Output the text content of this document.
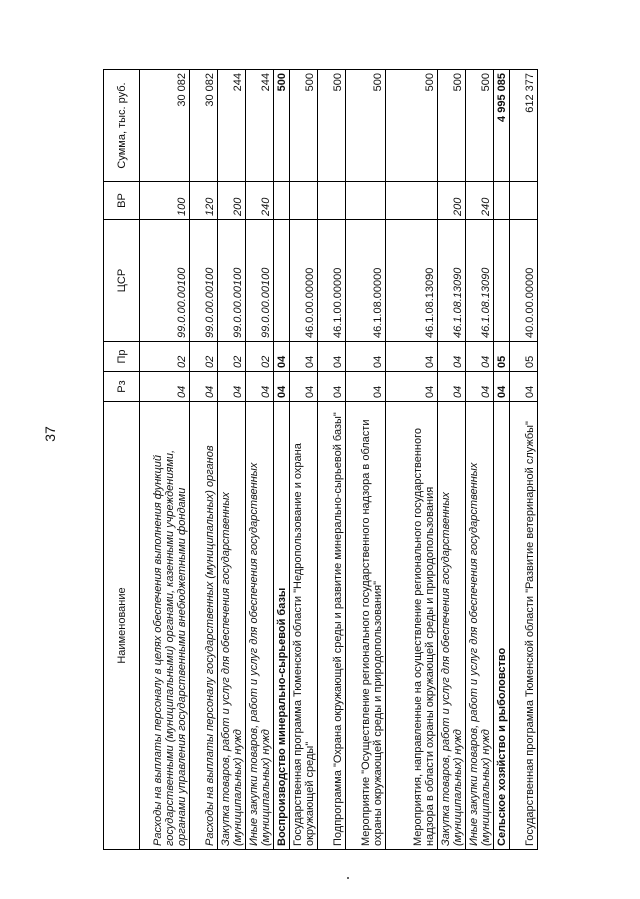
37
Наименование	Рз	Пр	ЦСР	ВР	Сумма, тыс. руб.
Расходы на выплаты персоналу в целях обеспечения выполнения функций государственными (муниципальными) органами, казенными учреждениями, органами управления государственными внебюджетными фондами	04	02	99.0.00.00100	100	30 082
Расходы на выплаты персоналу государственных (муниципальных) органов	04	02	99.0.00.00100	120	30 082
Закупка товаров, работ и услуг для обеспечения государственных (муниципальных) нужд	04	02	99.0.00.00100	200	244
Иные закупки товаров, работ и услуг для обеспечения государственных (муниципальных) нужд	04	02	99.0.00.00100	240	244
Воспроизводство минерально-сырьевой базы	04	04			500
Государственная программа Тюменской области "Недропользование и охрана окружающей среды"	04	04	46.0.00.00000		500
Подпрограмма "Охрана окружающей среды и развитие минерально-сырьевой базы"	04	04	46.1.00.00000		500
Мероприятие "Осуществление регионального государственного надзора в области охраны окружающей среды и природопользования"	04	04	46.1.08.00000		500
Мероприятия, направленные на осуществление регионального государственного надзора в области охраны окружающей среды и природопользования	04	04	46.1.08.13090		500
Закупка товаров, работ и услуг для обеспечения государственных (муниципальных) нужд	04	04	46.1.08.13090	200	500
Иные закупки товаров, работ и услуг для обеспечения государственных (муниципальных) нужд	04	04	46.1.08.13090	240	500
Сельское хозяйство и рыболовство	04	05			4 995 085
Государственная программа Тюменской области "Развитие ветеринарной службы"	04	05	40.0.00.00000		612 377
